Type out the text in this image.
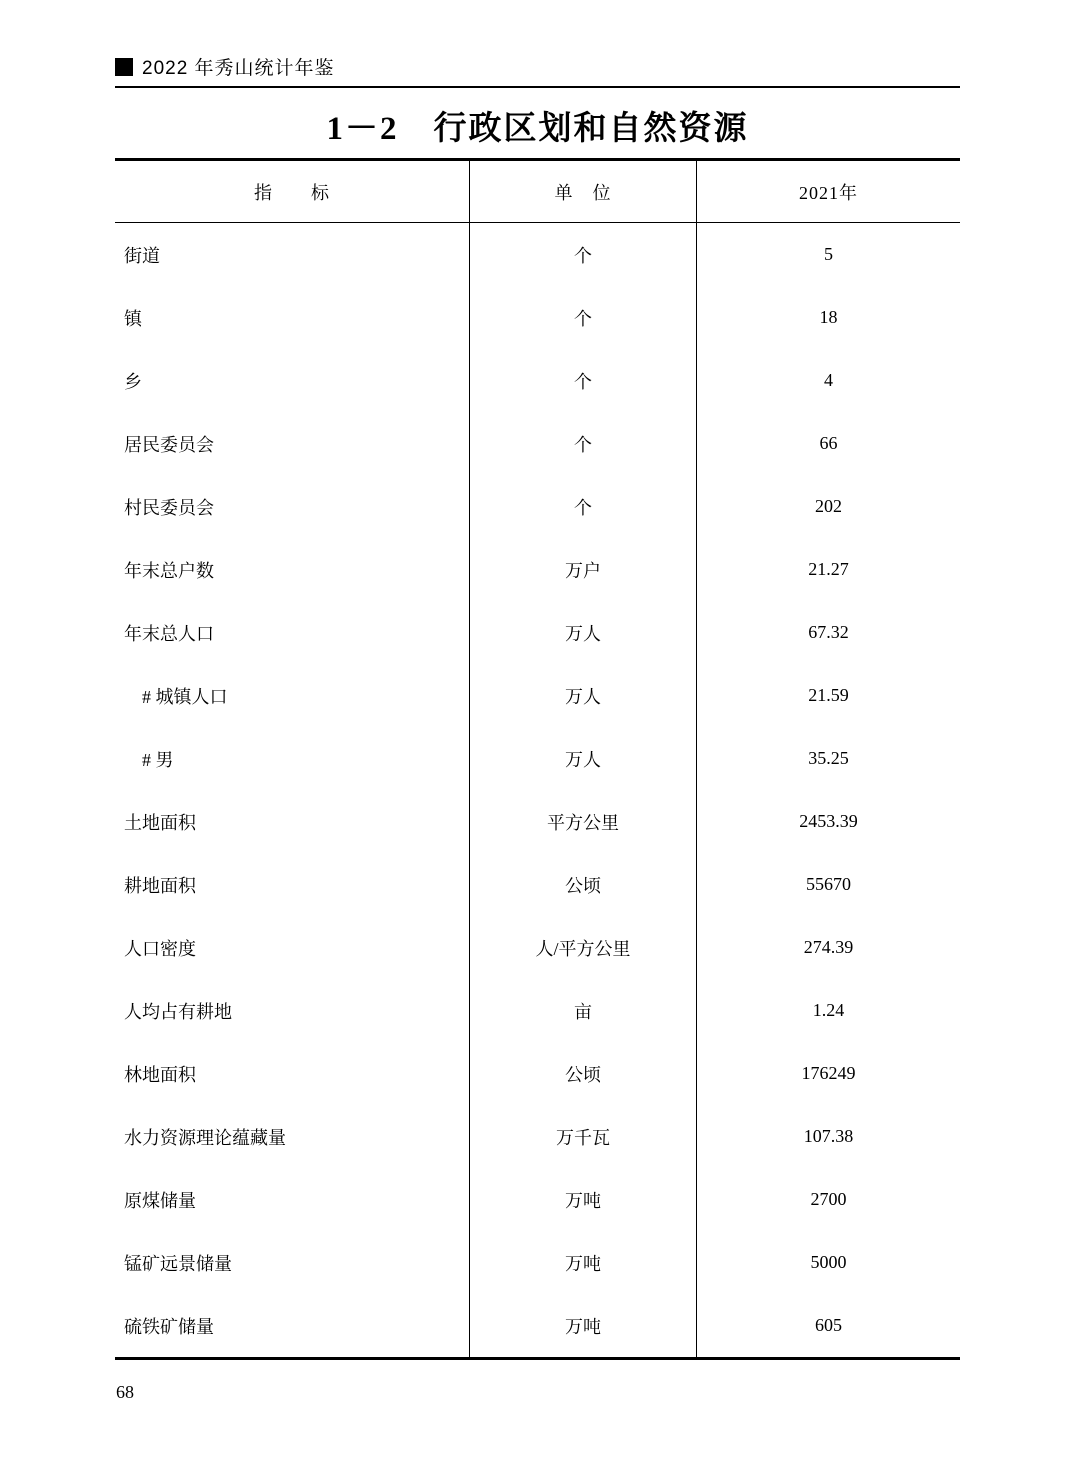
2022 年秀山统计年鉴
1－2　行政区划和自然资源
指　　标	单　位	2021年
街道	个	5
镇	个	18
乡	个	4
居民委员会	个	66
村民委员会	个	202
年末总户数	万户	21.27
年末总人口	万人	67.32
　# 城镇人口	万人	21.59
　# 男	万人	35.25
土地面积	平方公里	2453.39
耕地面积	公顷	55670
人口密度	人/平方公里	274.39
人均占有耕地	亩	1.24
林地面积	公顷	176249
水力资源理论蕴藏量	万千瓦	107.38
原煤储量	万吨	2700
锰矿远景储量	万吨	5000
硫铁矿储量	万吨	605
68
